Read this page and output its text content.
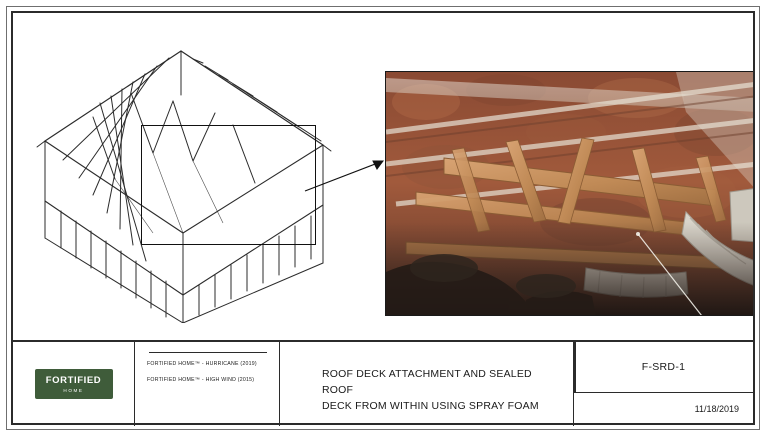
FORTIFIED
HOME
FORTIFIED HOME™ - HURRICANE (2019)
FORTIFIED HOME™ - HIGH WIND (2015)	ROOF DECK ATTACHMENT AND SEALED ROOF
DECK FROM WITHIN USING SPRAY FOAM
F-SRD-1
11/18/2019
